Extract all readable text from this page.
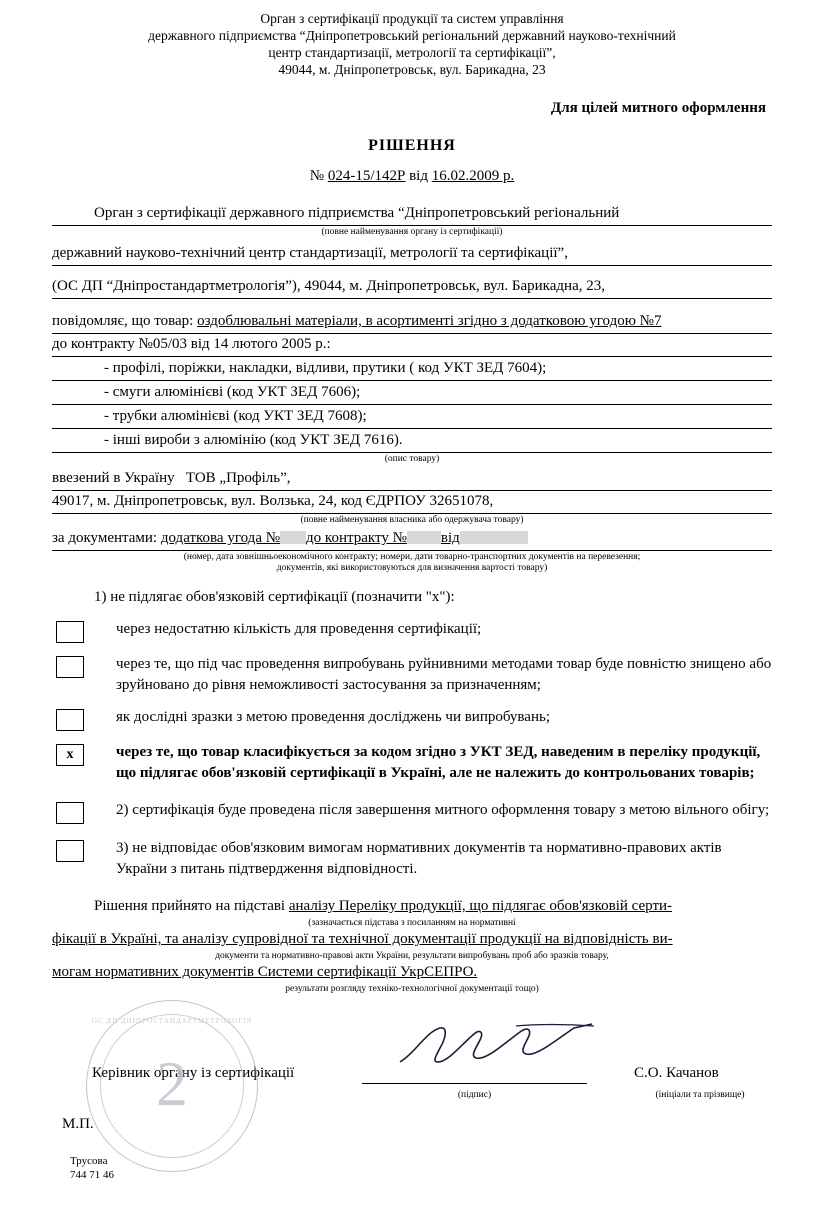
Орган з сертифікації продукції та систем управління
державного підприємства “Дніпропетровський регіональний державний науково-технічний
центр стандартизації, метрології та сертифікації”,
49044, м. Дніпропетровськ, вул. Барикадна, 23
Для цілей митного оформлення
РІШЕННЯ
№ 024-15/142Р від 16.02.2009 р.
Орган з сертифікації державного підприємства “Дніпропетровський регіональний
(повне найменування органу із сертифікації)
державний науково-технічний центр стандартизації, метрології та сертифікації”,
(ОС ДП “Дніпростандартметрологія”), 49044, м. Дніпропетровськ, вул. Барикадна, 23,
повідомляє, що товар: оздоблювальні матеріали, в асортименті згідно з додатковою угодою №7
до контракту №05/03 від 14 лютого 2005 р.:
- профілі, поріжки, накладки, відливи, прутики ( код УКТ ЗЕД 7604);
- смуги алюмінієві (код УКТ ЗЕД 7606);
- трубки алюмінієві (код УКТ ЗЕД 7608);
- інші вироби з алюмінію (код УКТ ЗЕД 7616).
(опис товару)
ввезений в Україну ТОВ „Профіль”,
49017, м. Дніпропетровськ, вул. Волзька, 24, код ЄДРПОУ 32651078,
(повне найменування власника або одержувача товару)
за документами: додаткова угода № до контракту № від
(номер, дата зовнішньоекономічного контракту; номери, дати товарно-транспортних документів на перевезення;
документів, які використовуються для визначення вартості товару)
1) не підлягає обов'язковій сертифікації (позначити "х"):
через недостатню кількість для проведення сертифікації;
через те, що під час проведення випробувань руйнивними методами товар буде повністю знищено або зруйновано до рівня неможливості застосування за призначенням;
як дослідні зразки з метою проведення досліджень чи випробувань;
х	через те, що товар класифікується за кодом згідно з УКТ ЗЕД, наведеним в переліку продукції, що підлягає обов'язковій сертифікації в Україні, але не належить до контрольованих товарів;
2) сертифікація буде проведена після завершення митного оформлення товару з метою вільного обігу;
3) не відповідає обов'язковим вимогам нормативних документів та нормативно-правових актів України з питань підтвердження відповідності.
Рішення прийнято на підставі аналізу Переліку продукції, що підлягає обов'язковій серти-
(зазначається підстава з посиланням на нормативні
фікації в Україні, та аналізу супровідної та технічної документації продукції на відповідність ви-
документи та нормативно-правові акти України, результати випробувань проб або зразків товару,
могам нормативних документів Системи сертифікації УкрСЕПРО.
результати розгляду техніко-технологічної документації тощо)
Керівник органу із сертифікації
(підпис)
С.О. Качанов
(ініціали та прізвище)
ОС ДП ДНІПРОСТАНДАРТМЕТРОЛОГІЯ
2
М.П.
Трусова
744 71 46
